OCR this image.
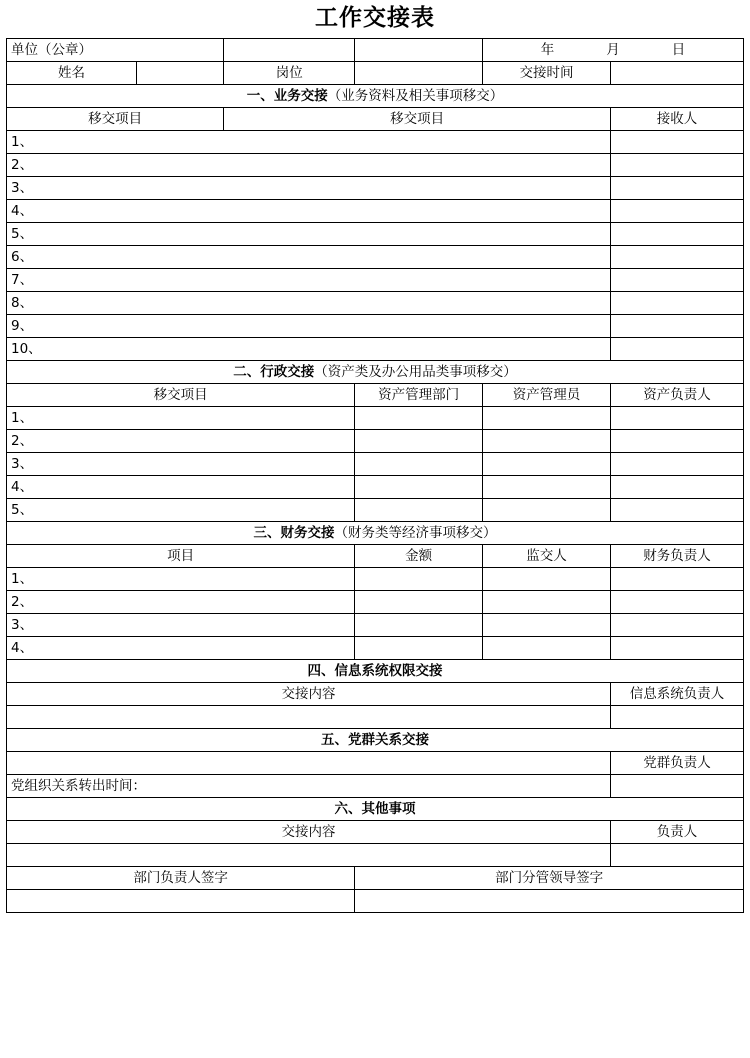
工作交接表
单位（公章）				年 月 日	
姓名		岗位		交接时间	
一、业务交接（业务资料及相关事项移交）					
移交项目		移交项目			接收人
1、					
2、					
3、					
4、					
5、					
6、					
7、					
8、					
9、					
10、					
二、行政交接（资产类及办公用品类事项移交）					
移交项目			资产管理部门	资产管理员	资产负责人
1、					
2、					
3、					
4、					
5、					
三、财务交接（财务类等经济事项移交）					
项目			金额	监交人	财务负责人
1、					
2、					
3、					
4、					
四、信息系统权限交接					
交接内容					信息系统负责人

五、党群关系交接					
					党群负责人
党组织关系转出时间：					
六、其他事项					
交接内容					负责人

部门负责人签字			部门分管领导签字		
